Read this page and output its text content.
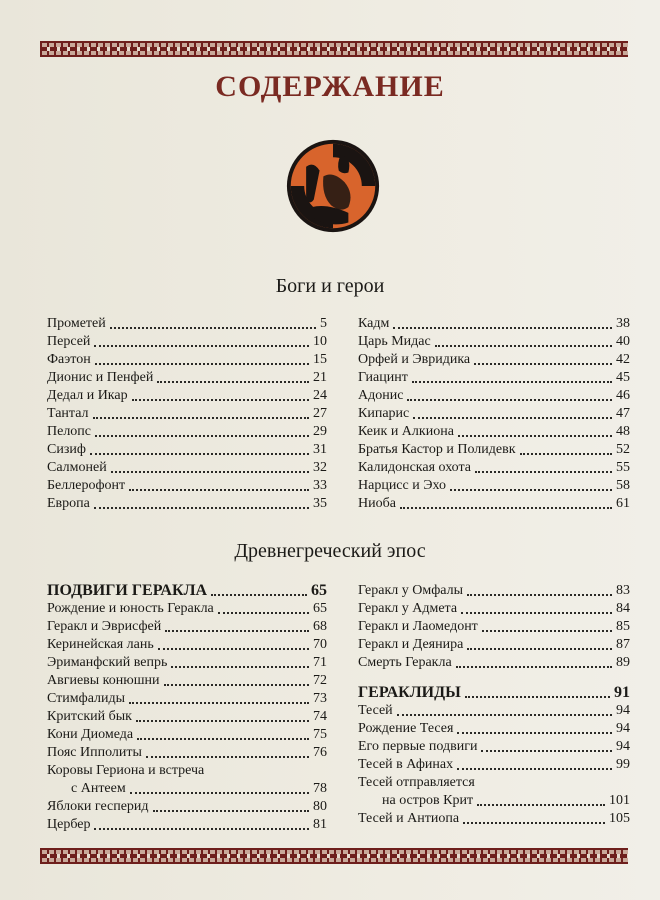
СОДЕРЖАНИЕ
Боги и герои
Прометей	5
Персей	10
Фаэтон	15
Дионис и Пенфей	21
Дедал и Икар	24
Тантал	27
Пелопс	29
Сизиф	31
Салмоней	32
Беллерофонт	33
Европа	35
Кадм	38
Царь Мидас	40
Орфей и Эвридика	42
Гиацинт	45
Адонис	46
Кипарис	47
Кеик и Алкиона	48
Братья Кастор и Полидевк	52
Калидонская охота	55
Нарцисс и Эхо	58
Ниоба	61
Древнегреческий эпос
ПОДВИГИ ГЕРАКЛА	65
Рождение и юность Геракла	65
Геракл и Эврисфей	68
Керинейская лань	70
Эриманфский вепрь	71
Авгиевы конюшни	72
Стимфалиды	73
Критский бык	74
Кони Диомеда	75
Пояс Ипполиты	76
Коровы Гериона и встреча
с Антеем	78
Яблоки гесперид	80
Цербер	81
Геракл у Омфалы	83
Геракл у Адмета	84
Геракл и Лаомедонт	85
Геракл и Деянира	87
Смерть Геракла	89
ГЕРАКЛИДЫ	91
Тесей	94
Рождение Тесея	94
Его первые подвиги	94
Тесей в Афинах	99
Тесей отправляется
на остров Крит	101
Тесей и Антиопа	105
